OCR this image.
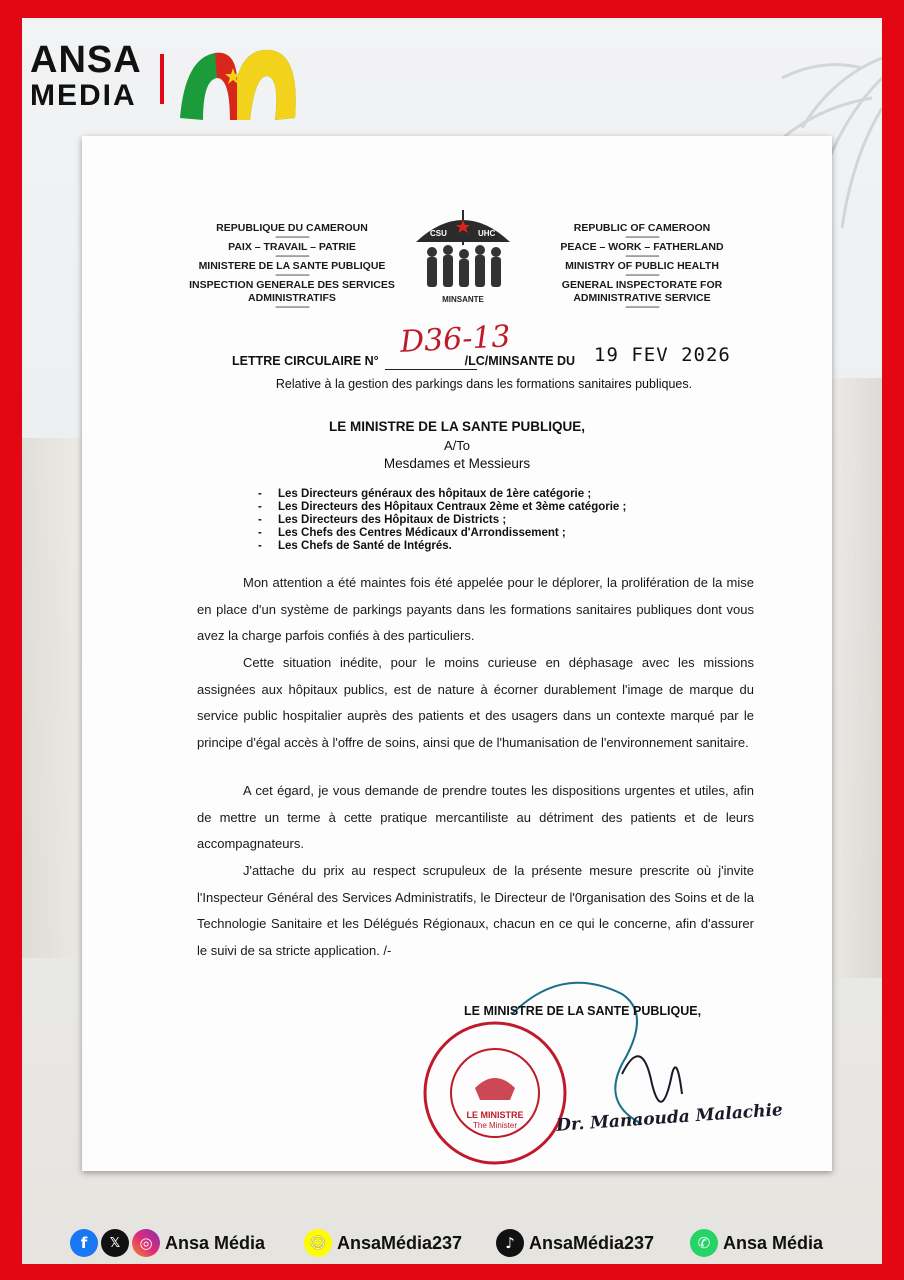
ANSA
MEDIA
REPUBLIQUE DU CAMEROUN
-------------------------
PAIX – TRAVAIL – PATRIE
-------------------------
MINISTERE DE LA SANTE PUBLIQUE
-------------------------
INSPECTION GENERALE DES SERVICES
ADMINISTRATIFS
-------------------------
CSU	UHC
MINSANTE
REPUBLIC OF CAMEROON
-------------------------
PEACE – WORK – FATHERLAND
-------------------------
MINISTRY OF PUBLIC HEALTH
-------------------------
GENERAL INSPECTORATE FOR
ADMINISTRATIVE SERVICE
-------------------------
D36-13
LETTRE CIRCULAIRE N°	/LC/MINSANTE DU 19 FEV 2026
Relative à la gestion des parkings dans les formations sanitaires publiques.
LE MINISTRE DE LA SANTE PUBLIQUE,
A/To
Mesdames et Messieurs
- Les Directeurs généraux des hôpitaux de 1ère catégorie ;
- Les Directeurs des Hôpitaux Centraux 2ème et 3ème catégorie ;
- Les Directeurs des Hôpitaux de Districts ;
- Les Chefs des Centres Médicaux d'Arrondissement ;
- Les Chefs de Santé de Intégrés.

Mon attention a été maintes fois été appelée pour le déplorer, la prolifération de la mise en place d'un système de parkings payants dans les formations sanitaires publiques dont vous avez la charge parfois confiés à des particuliers.

Cette situation inédite, pour le moins curieuse en déphasage avec les missions assignées aux hôpitaux publics, est de nature à écorner durablement l'image de marque du service public hospitalier auprès des patients et des usagers dans un contexte marqué par le principe d'égal accès à l'offre de soins, ainsi que de l'humanisation de l'environnement sanitaire.

A cet égard, je vous demande de prendre toutes les dispositions urgentes et utiles, afin de mettre un terme à cette pratique mercantiliste au détriment des patients et de leurs accompagnateurs.

J'attache du prix au respect scrupuleux de la présente mesure prescrite où j'invite l'Inspecteur Général des Services Administratifs, le Directeur de l'0rganisation des Soins et de la Technologie Sanitaire et les Délégués Régionaux, chacun en ce qui le concerne, afin d'assurer le suivi de sa stricte application. /-

LE MINISTRE DE LA SANTE PUBLIQUE,
LE MINISTRE
The Minister Dr. Manaouda Malachie
f	𝕏	◎ Ansa Média	☺ AnsaMédia237	♪ AnsaMédia237	✆ Ansa Média
